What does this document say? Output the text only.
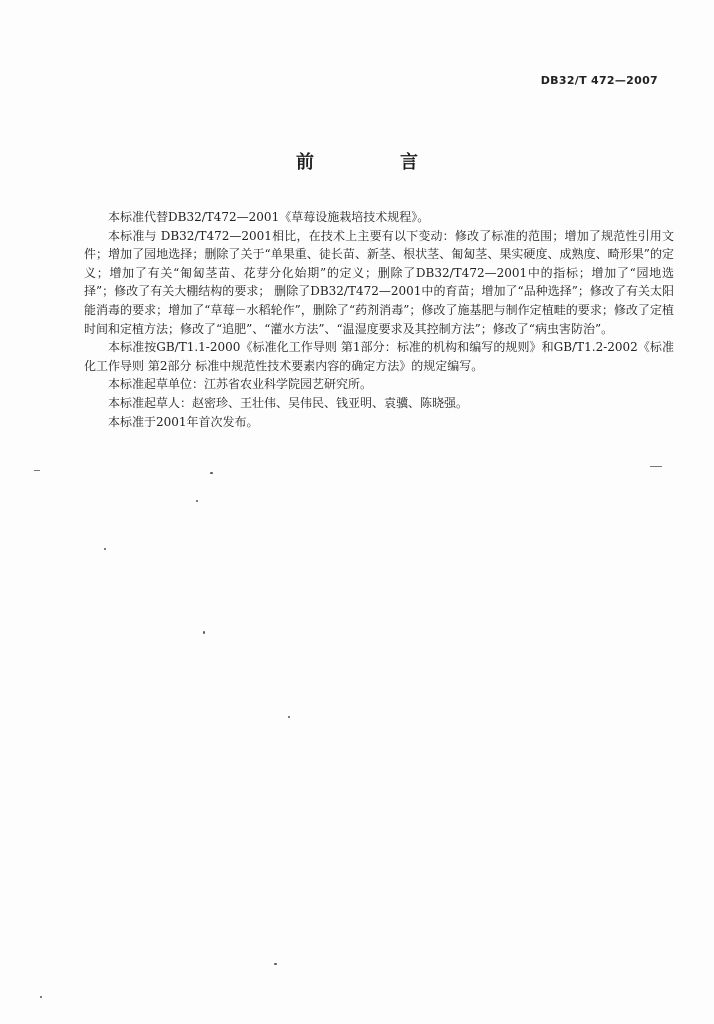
DB32/T 472—2007
前　言

本标准代替DB32/T472—2001《草莓设施栽培技术规程》。

本标准与 DB32/T472—2001相比，在技术上主要有以下变动：修改了标准的范围；增加了规范性引用文件；增加了园地选择；删除了关于“单果重、徒长苗、新茎、根状茎、匍匐茎、果实硬度、成熟度、畸形果”的定义；增加了有关“匍匐茎苗、花芽分化始期”的定义；删除了DB32/T472—2001中的指标；增加了“园地选择”；修改了有关大棚结构的要求； 删除了DB32/T472—2001中的育苗；增加了“品种选择”；修改了有关太阳能消毒的要求；增加了“草莓－水稻轮作”，删除了“药剂消毒”；修改了施基肥与制作定植畦的要求；修改了定植时间和定植方法；修改了“追肥”、“灌水方法”、“温湿度要求及其控制方法”；修改了“病虫害防治”。

本标准按GB/T1.1-2000《标准化工作导则 第1部分：标准的机构和编写的规则》和GB/T1.2-2002《标准化工作导则 第2部分 标准中规范性技术要素内容的确定方法》的规定编写。

本标准起草单位：江苏省农业科学院园艺研究所。

本标准起草人：赵密珍、王壮伟、吴伟民、钱亚明、袁骥、陈晓强。

本标准于2001年首次发布。
